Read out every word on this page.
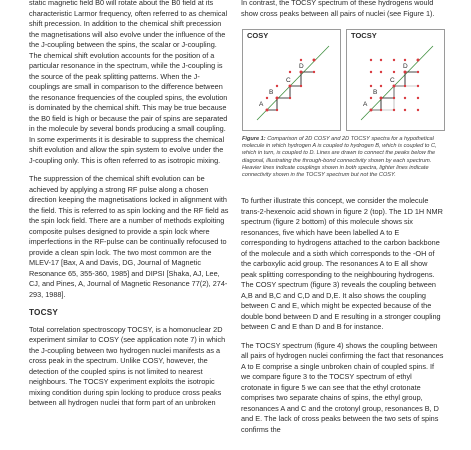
static magnetic field B0 will rotate about the B0 field at its characteristic Larmor frequency, often referred to as chemical shift precession. In addition to the chemical shift precession the magnetisations will also evolve under the influence of the the J-coupling between the spins, the scalar or J-coupling. The chemical shift evolution accounts for the position of a particular resonance in the spectrum, while the J-coupling is the source of the peak splitting patterns. When the J-couplings are small in comparison to the difference between the resonance frequencies of the coupled spins, the evolution is dominated by the chemical shift. This may be true because the B0 field is high or because the pair of spins are separated in the molecule by several bonds producing a small coupling. In some experiments it is desirable to suppress the chemical shift evolution and allow the spin system to evolve under the J-coupling only. This is often referred to as isotropic mixing.

The suppression of the chemical shift evolution can be achieved by applying a strong RF pulse along a chosen direction keeping the magnetisations locked in alignment with the field. This is referred to as spin locking and the RF field as the spin lock field. There are a number of methods exploiting composite pulses designed to provide a spin lock where imperfections in the RF-pulse can be continually refocused to provide a clean spin lock. The two most common are the MLEV-17 [Bax, A and Davis, DG, Journal of Magnetic Resonance 65, 355-360, 1985] and DIPSI [Shaka, AJ, Lee, CJ, and Pines, A, Journal of Magnetic Resonance 77(2), 274-293, 1988].

TOCSY

Total correlation spectroscopy TOCSY, is a homonuclear 2D experiment similar to COSY (see application note 7) in which the J-coupling between two hydrogen nuclei manifests as a cross peak in the spectrum. Unlike COSY, however, the detection of the coupled spins is not limited to nearest neighbours. The TOCSY experiment exploits the isotropic mixing condition during spin locking to produce cross peaks between all hydrogen nuclei that form part of an unbroken

In contrast, the TOCSY spectrum of these hydrogens would show cross peaks between all pairs of nuclei (see Figure 1).

COSY
A
B
C
D
TOCSY
A
B
C
D
Figure 1: Comparison of 2D COSY and 2D TOCSY spectra for a hypothetical molecule in which hydrogen A is coupled to hydrogen B, which is coupled to C, which in turn, is coupled to D. Lines are drawn to connect the peaks below the diagonal, illustrating the through-bond connectivity shown by each spectrum. Heavier lines indicate couplings shown in both spectra, lighter lines indicate connectivity shown in the TOCSY spectrum but not the COSY.

To further illustrate this concept, we consider the molecule trans-2-hexenoic acid shown in figure 2 (top). The 1D 1H NMR spectrum (figure 2 bottom) of this molecule shows six resonances, five which have been labelled A to E corresponding to hydrogens attached to the carbon backbone of the molecule and a sixth which corresponds to the -OH of the carboxylic acid group. The resonances A to E all show peak splitting corresponding to the neighbouring hydrogens. The COSY spectrum (figure 3) reveals the coupling between A,B and B,C and C,D and D,E. It also shows the coupling between C and E, which might be expected because of the double bond between D and E resulting in a stronger coupling between C and E than D and B for instance.

The TOCSY spectrum (figure 4) shows the coupling between all pairs of hydrogen nuclei confirming the fact that resonances A to E comprise a single unbroken chain of coupled spins. If we compare figure 3 to the TOCSY spectrum of ethyl crotonate in figure 5 we can see that the ethyl crotonate comprises two separate chains of spins, the ethyl group, resonances A and C and the crotonyl group, resonances B, D and E. The lack of cross peaks between the two sets of spins confirms the
